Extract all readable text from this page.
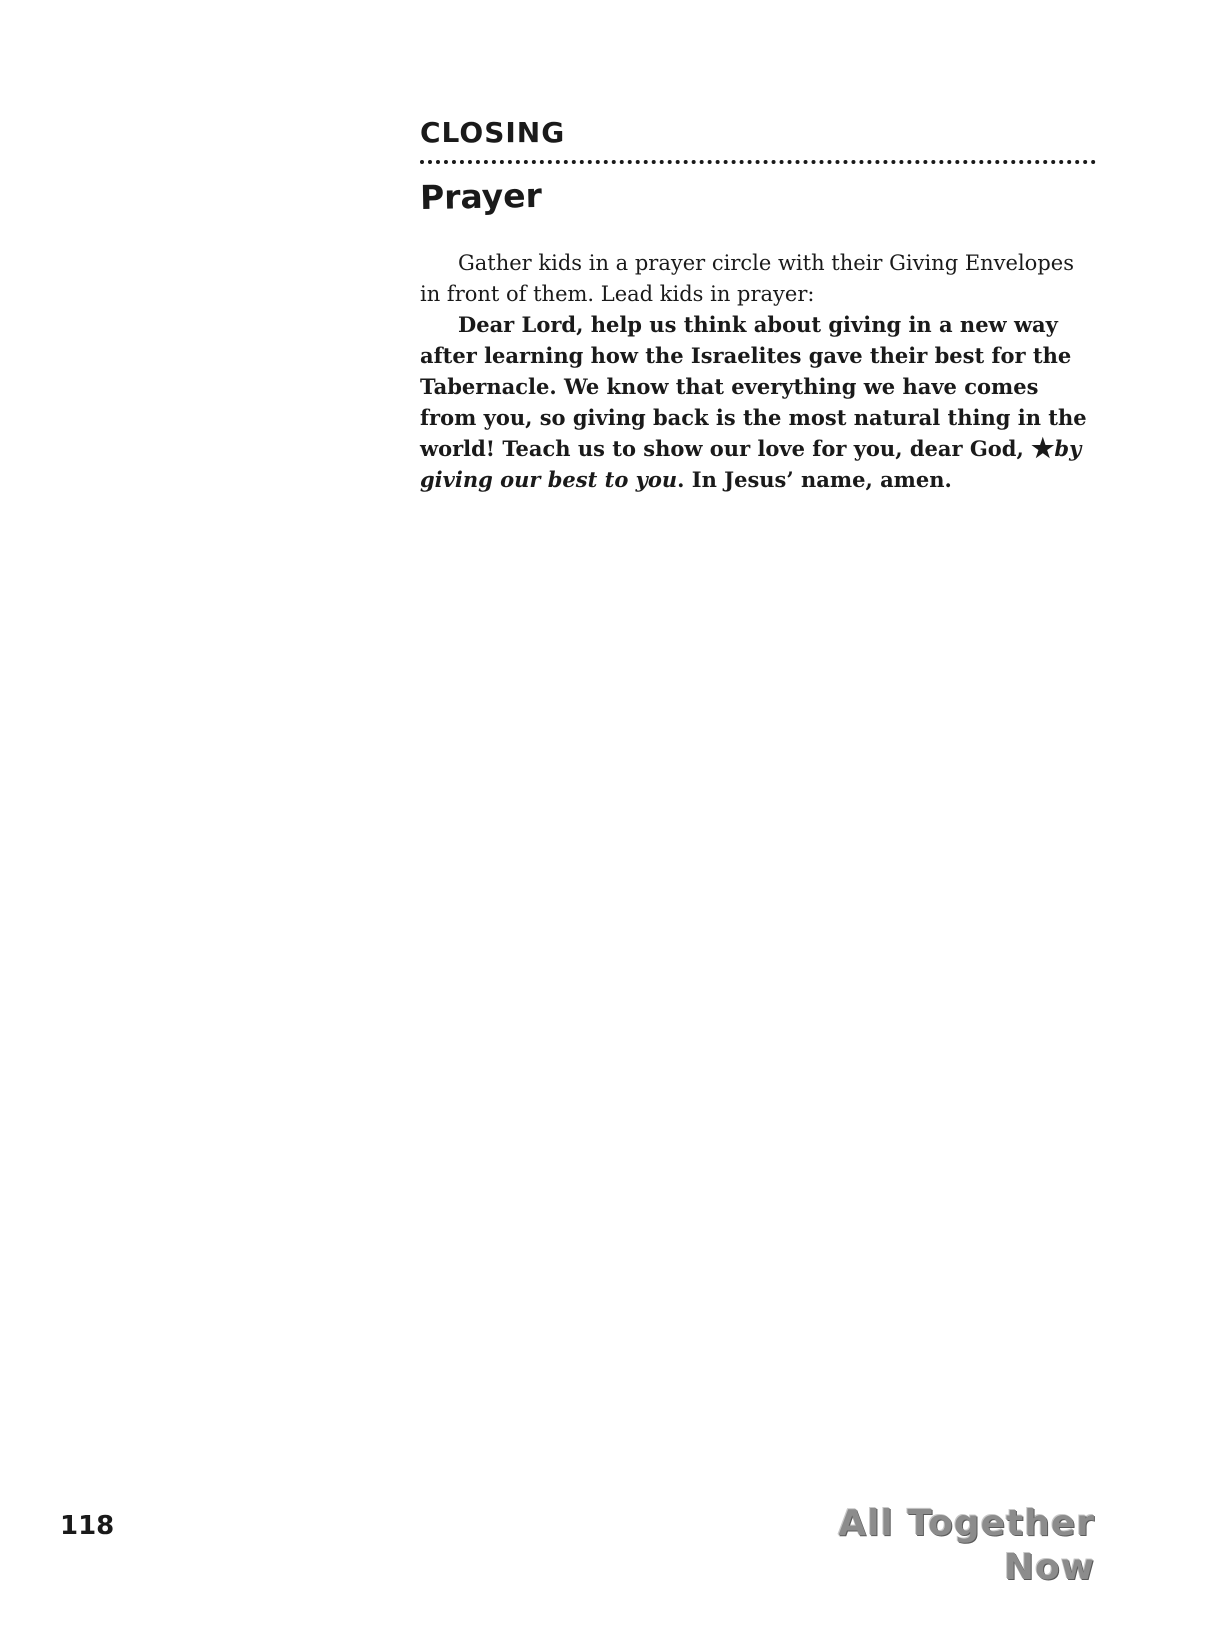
CLOSING
Prayer

Gather kids in a prayer circle with their Giving Envelopes in front of them. Lead kids in prayer:

Dear Lord, help us think about giving in a new way after learning how the Israelites gave their best for the Tabernacle. We know that everything we have comes from you, so giving back is the most natural thing in the world! Teach us to show our love for you, dear God, ★by giving our best to you. In Jesus’ name, amen.

118	All Together Now
